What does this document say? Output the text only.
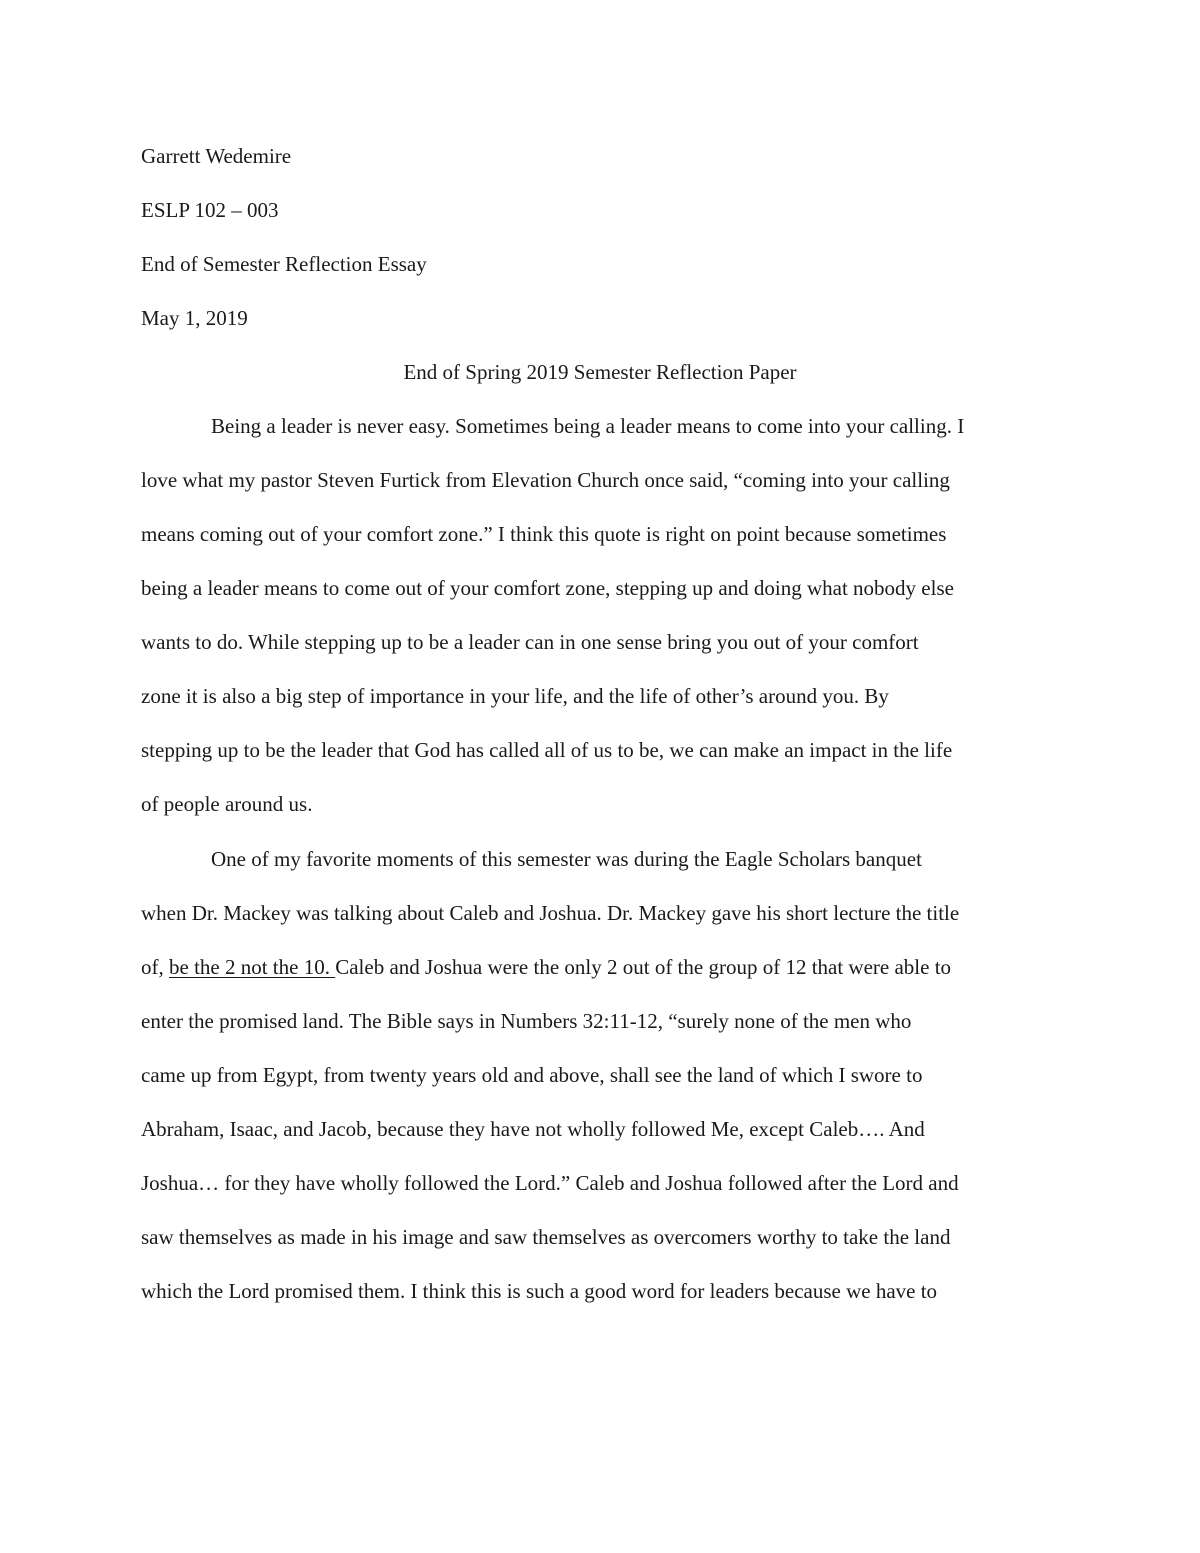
Garrett Wedemire
ESLP 102 – 003
End of Semester Reflection Essay
May 1, 2019
End of Spring 2019 Semester Reflection Paper
Being a leader is never easy. Sometimes being a leader means to come into your calling. I
love what my pastor Steven Furtick from Elevation Church once said, “coming into your calling
means coming out of your comfort zone.” I think this quote is right on point because sometimes
being a leader means to come out of your comfort zone, stepping up and doing what nobody else
wants to do. While stepping up to be a leader can in one sense bring you out of your comfort
zone it is also a big step of importance in your life, and the life of other’s around you. By
stepping up to be the leader that God has called all of us to be, we can make an impact in the life
of people around us.
One of my favorite moments of this semester was during the Eagle Scholars banquet
when Dr. Mackey was talking about Caleb and Joshua. Dr. Mackey gave his short lecture the title
of, be the 2 not the 10. Caleb and Joshua were the only 2 out of the group of 12 that were able to
enter the promised land. The Bible says in Numbers 32:11-12, “surely none of the men who
came up from Egypt, from twenty years old and above, shall see the land of which I swore to
Abraham, Isaac, and Jacob, because they have not wholly followed Me, except Caleb…. And
Joshua… for they have wholly followed the Lord.” Caleb and Joshua followed after the Lord and
saw themselves as made in his image and saw themselves as overcomers worthy to take the land
which the Lord promised them. I think this is such a good word for leaders because we have to
